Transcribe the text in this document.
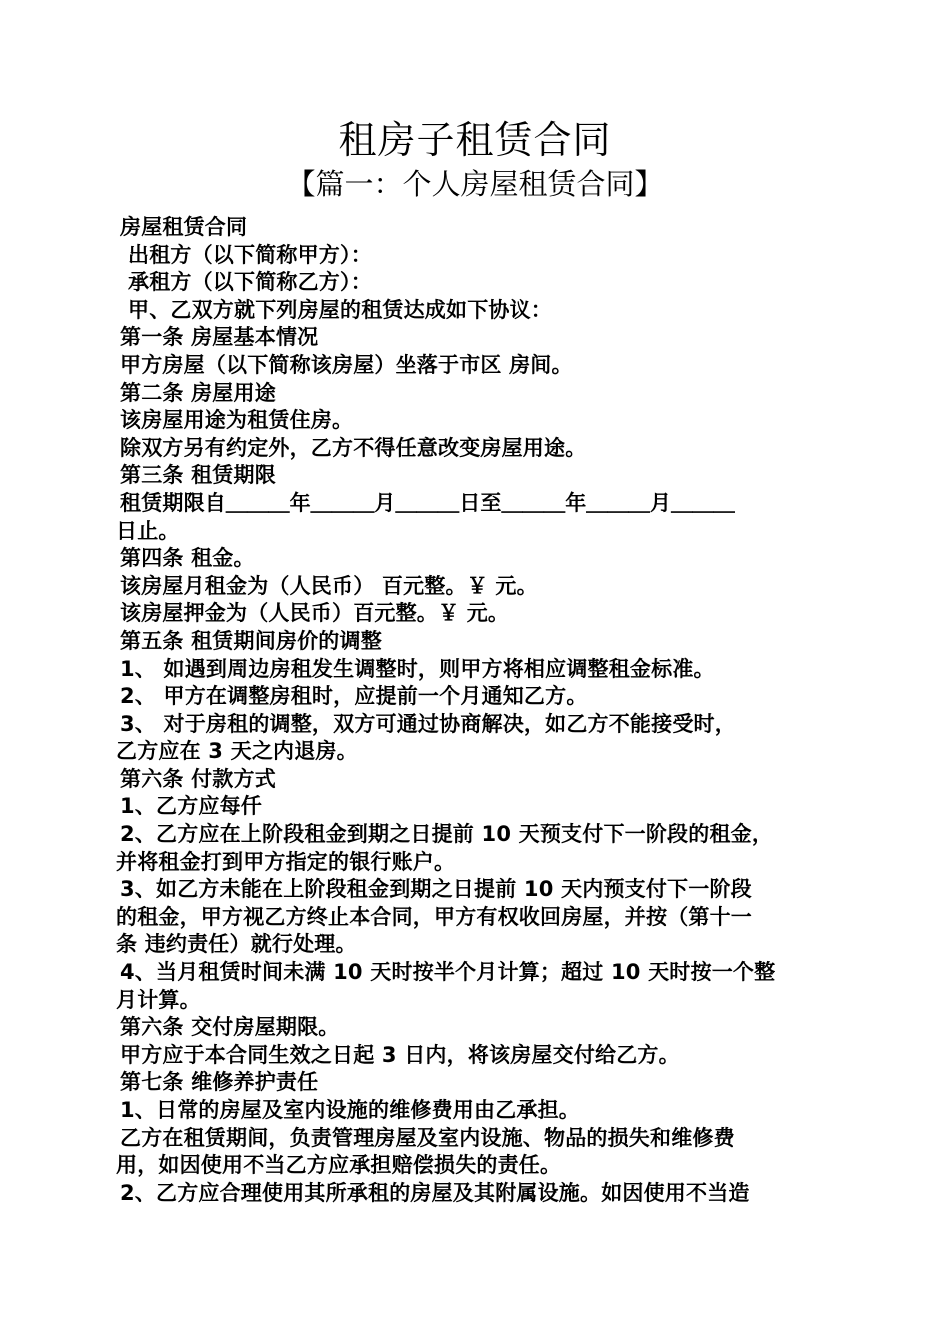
租房子租赁合同
【篇一：个人房屋租赁合同】
房屋租赁合同
出租方（以下简称甲方）：
承租方（以下简称乙方）：
甲、乙双方就下列房屋的租赁达成如下协议：
第一条 房屋基本情况
甲方房屋（以下简称该房屋）坐落于市区 房间。
第二条 房屋用途
该房屋用途为租赁住房。
除双方另有约定外，乙方不得任意改变房屋用途。
第三条 租赁期限
租赁期限自＿＿＿年＿＿＿月＿＿＿日至＿＿＿年＿＿＿月＿＿＿
日止。
第四条 租金。
该房屋月租金为（人民币） 百元整。￥ 元。
该房屋押金为（人民币）百元整。￥ 元。
第五条 租赁期间房价的调整
1、 如遇到周边房租发生调整时，则甲方将相应调整租金标准。
2、 甲方在调整房租时，应提前一个月通知乙方。
3、 对于房租的调整，双方可通过协商解决，如乙方不能接受时，
乙方应在 3 天之内退房。
第六条 付款方式
1、乙方应每仟
2、乙方应在上阶段租金到期之日提前 10 天预支付下一阶段的租金，
并将租金打到甲方指定的银行账户。
3、如乙方未能在上阶段租金到期之日提前 10 天内预支付下一阶段
的租金，甲方视乙方终止本合同，甲方有权收回房屋，并按（第十一
条 违约责任）就行处理。
4、当月租赁时间未满 10 天时按半个月计算；超过 10 天时按一个整
月计算。
第六条 交付房屋期限。
甲方应于本合同生效之日起 3 日内，将该房屋交付给乙方。
第七条 维修养护责任
1、日常的房屋及室内设施的维修费用由乙承担。
乙方在租赁期间，负责管理房屋及室内设施、物品的损失和维修费
用，如因使用不当乙方应承担赔偿损失的责任。
2、乙方应合理使用其所承租的房屋及其附属设施。如因使用不当造
